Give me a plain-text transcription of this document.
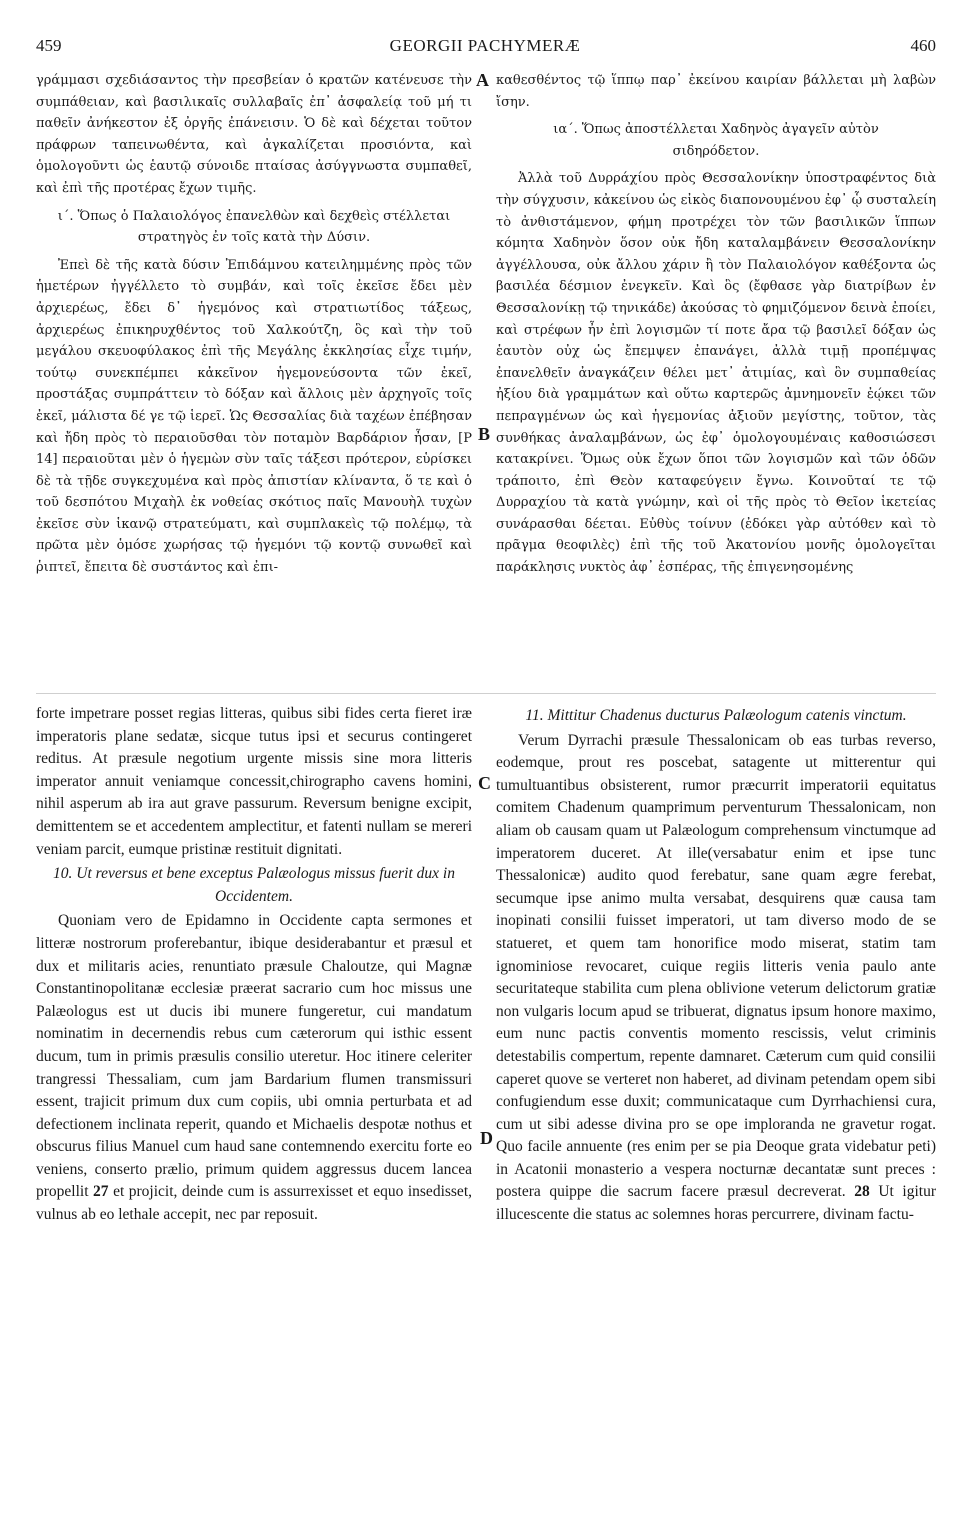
459	GEORGII PACHYMERÆ	460
A
B
C
D

γράμμασι σχεδιάσαντος τὴν πρεσβείαν ὁ κρατῶν κατένευσε τὴν συμπάθειαν, καὶ βασιλικαῖς συλλαβαῖς ἐπ᾽ ἀσφαλείᾳ τοῦ μή τι παθεῖν ἀνήκεστον ἐξ ὀργῆς ἐπάνεισιν. Ὁ δὲ καὶ δέχεται τοῦτον πράφρων ταπεινωθέντα, καὶ ἀγκαλίζεται προσιόντα, καὶ ὁμολογοῦντι ὡς ἑαυτῷ σύνοιδε πταίσας ἀσύγγνωστα συμπαθεῖ, καὶ ἐπὶ τῆς προτέρας ἔχων τιμῆς.

ι΄. Ὅπως ὁ Παλαιολόγος ἐπανελθὼν καὶ δεχθεὶς στέλλεται στρατηγὸς ἐν τοῖς κατὰ τὴν Δύσιν.

Ἐπεὶ δὲ τῆς κατὰ δύσιν Ἐπιδάμνου κατειλημμένης πρὸς τῶν ἡμετέρων ἠγγέλλετο τὸ συμβάν, καὶ τοῖς ἐκεῖσε ἔδει μὲν ἀρχιερέως, ἔδει δ᾽ ἡγεμόνος καὶ στρατιωτίδος τάξεως, ἀρχιερέως ἐπικηρυχθέντος τοῦ Χαλκούτζη, ὃς καὶ τὴν τοῦ μεγάλου σκευοφύλακος ἐπὶ τῆς Μεγάλης ἐκκλησίας εἶχε τιμήν, τούτῳ συνεκπέμπει κἀκεῖνον ἡγεμονεύσοντα τῶν ἐκεῖ, προστάξας συμπράττειν τὸ δόξαν καὶ ἄλλοις μὲν ἀρχηγοῖς τοῖς ἐκεῖ, μάλιστα δέ γε τῷ ἱερεῖ. Ὡς Θεσσαλίας διὰ ταχέων ἐπέβησαν καὶ ἤδη πρὸς τὸ περαιοῦσθαι τὸν ποταμὸν Βαρδάριον ἦσαν, [P 14] περαιοῦται μὲν ὁ ἡγεμὼν σὺν ταῖς τάξεσι πρότερον, εὑρίσκει δὲ τὰ τῇδε συγκεχυμένα καὶ πρὸς ἀπιστίαν κλίναντα, ὅ τε καὶ ὁ τοῦ δεσπότου Μιχαὴλ ἐκ νοθείας σκότιος παῖς Μανουὴλ τυχὼν ἐκεῖσε σὺν ἱκανῷ στρατεύματι, καὶ συμπλακεὶς τῷ πολέμῳ, τὰ πρῶτα μὲν ὁμόσε χωρήσας τῷ ἡγεμόνι τῷ κοντῷ συνωθεῖ καὶ ῥιπτεῖ, ἔπειτα δὲ συστάντος καὶ ἐπι-

καθεσθέντος τῷ ἵππῳ παρ᾽ ἐκείνου καιρίαν βάλλεται μὴ λαβὼν ἴσην.

ια΄. Ὅπως ἀποστέλλεται Χαδηνὸς ἀγαγεῖν αὐτὸν σιδηρόδετον.

Ἀλλὰ τοῦ Δυρράχίου πρὸς Θεσσαλονίκην ὑποστραφέντος διὰ τὴν σύγχυσιν, κἀκείνου ὡς εἰκὸς διαπονουμένου ἐφ᾽ ᾧ συσταλείη τὸ ἀνθιστάμενον, φήμη προτρέχει τὸν τῶν βασιλικῶν ἵππων κόμητα Χαδηνὸν ὅσον οὐκ ἤδη καταλαμβάνειν Θεσσαλονίκην ἀγγέλλουσα, οὐκ ἄλλου χάριν ἢ τὸν Παλαιολόγον καθέξοντα ὡς βασιλέα δέσμιον ἐνεγκεῖν. Καὶ ὃς (ἔφθασε γὰρ διατρίβων ἐν Θεσσαλονίκῃ τῷ τηνικάδε) ἀκούσας τὸ φημιζόμενον δεινὰ ἐποίει, καὶ στρέφων ἦν ἐπὶ λογισμῶν τί ποτε ἄρα τῷ βασιλεῖ δόξαν ὡς ἑαυτὸν οὐχ ὡς ἔπεμψεν ἐπανάγει, ἀλλὰ τιμῇ προπέμψας ἐπανελθεῖν ἀναγκάζειν θέλει μετ᾽ ἀτιμίας, καὶ ὃν συμπαθείας ἠξίου διὰ γραμμάτων καὶ οὕτω καρτερῶς ἀμνημονεῖν ἐῴκει τῶν πεπραγμένων ὡς καὶ ἡγεμονίας ἀξιοῦν μεγίστης, τοῦτον, τὰς συνθήκας ἀναλαμβάνων, ὡς ἐφ᾽ ὁμολογουμέναις καθοσιώσεσι κατακρίνει. Ὅμως οὐκ ἔχων ὅποι τῶν λογισμῶν καὶ τῶν ὁδῶν τράποιτο, ἐπὶ Θεὸν καταφεύγειν ἔγνω. Κοινοῦταί τε τῷ Δυρραχίου τὰ κατὰ γνώμην, καὶ οἱ τῆς πρὸς τὸ Θεῖον ἱκετείας συνάρασθαι δέεται. Εὐθὺς τοίνυν (ἐδόκει γὰρ αὐτόθεν καὶ τὸ πρᾶγμα θεοφιλὲς) ἐπὶ τῆς τοῦ Ἀκατονίου μονῆς ὁμολογεῖται παράκλησις νυκτὸς ἀφ᾽ ἑσπέρας, τῆς ἐπιγενησομένης

forte impetrare posset regias litteras, quibus sibi fides certa fieret iræ imperatoris plane sedatæ, sicque tutus ipsi et securus contingeret reditus. At præsule negotium urgente missis sine mora litteris imperator annuit veniamque concessit,chirographo cavens homini, nihil asperum ab ira aut grave passurum. Reversum benigne excipit, demittentem se et accedentem amplectitur, et fatenti nullam se mereri veniam parcit, eumque pristinæ restituit dignitati.

10. Ut reversus et bene exceptus Palæologus missus fuerit dux in Occidentem.

Quoniam vero de Epidamno in Occidente capta sermones et litteræ nostrorum proferebantur, ibique desiderabantur et præsul et dux et militaris acies, renuntiato præsule Chaloutze, qui Magnæ Constantinopolitanæ ecclesiæ præerat sacrario cum hoc missus une Palæologus est ut ducis ibi munere fungeretur, cui mandatum nominatim in decernendis rebus cum cæterorum qui isthic essent ducum, tum in primis præsulis consilio uteretur. Hoc itinere celeriter trangressi Thessaliam, cum jam Bardarium flumen transmissuri essent, trajicit primum dux cum copiis, ubi omnia perturbata et ad defectionem inclinata reperit, quando et Michaelis despotæ nothus et obscurus filius Manuel cum haud sane contemnendo exercitu forte eo veniens, conserto prælio, primum quidem aggressus ducem lancea propellit 27 et projicit, deinde cum is assurrexisset et equo insedisset, vulnus ab eo lethale accepit, nec par reposuit.

11. Mittitur Chadenus ducturus Palæologum catenis vinctum.

Verum Dyrrachi præsule Thessalonicam ob eas turbas reverso, eodemque, prout res poscebat, satagente ut mitterentur qui tumultuantibus obsisterent, rumor præcurrit imperatorii equitatus comitem Chadenum quamprimum perventurum Thessalonicam, non aliam ob causam quam ut Palæologum comprehensum vinctumque ad imperatorem duceret. At ille(versabatur enim et ipse tunc Thessalonicæ) audito quod ferebatur, sane quam ægre ferebat, secumque ipse animo multa versabat, desquirens quæ causa tam inopinati consilii fuisset imperatori, ut tam diverso modo de se statueret, et quem tam honorifice modo miserat, statim tam ignominiose revocaret, cuique regiis litteris venia paulo ante securitateque stabilita cum plena oblivione veterum delictorum gratiæ non vulgaris locum apud se tribuerat, dignatus ipsum honore maximo, eum nunc pactis conventis momento rescissis, velut criminis detestabilis compertum, repente damnaret. Cæterum cum quid consilii caperet quove se verteret non haberet, ad divinam petendam opem sibi confugiendum esse duxit; communicataque cum Dyrrhachiensi cura, cum ut sibi adesse divina pro se ope imploranda ne gravetur rogat. Quo facile annuente (res enim per se pia Deoque grata videbatur peti) in Acatonii monasterio a vespera nocturnæ decantatæ sunt preces : postera quippe die sacrum facere præsul decreverat. 28 Ut igitur illucescente die status ac solemnes horas percurrere, divinam factu-
